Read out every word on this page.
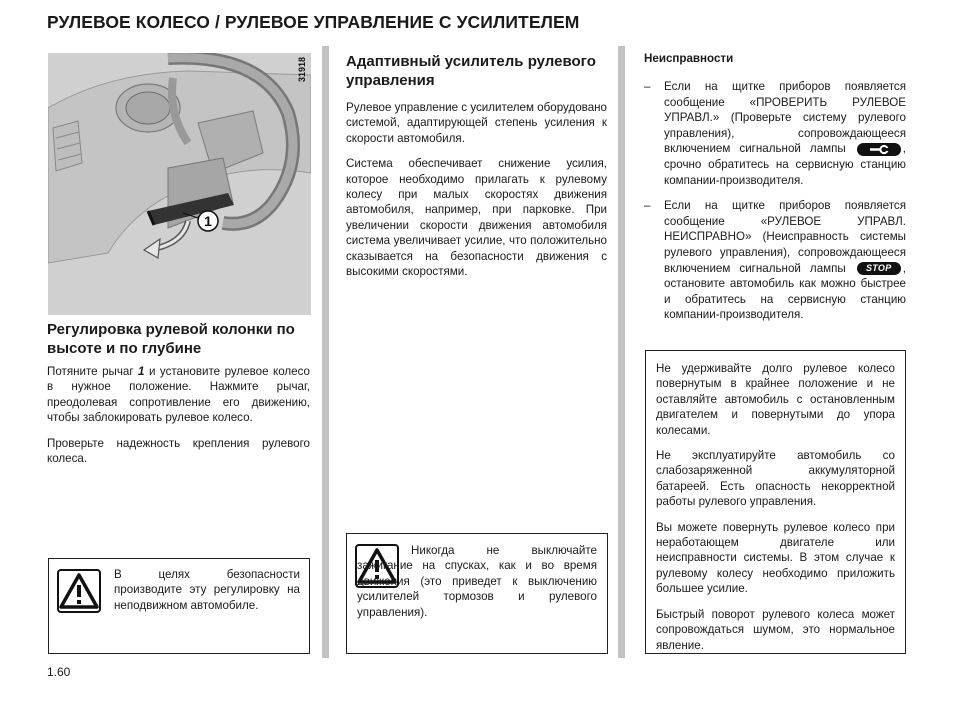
РУЛЕВОЕ КОЛЕСО / РУЛЕВОЕ УПРАВЛЕНИЕ С УСИЛИТЕЛЕМ
1
31918
Регулировка рулевой колонки по высоте и по глубине
Потяните рычаг 1 и установите рулевое колесо в нужное положение. Нажмите рычаг, преодолевая сопротивление его движению, чтобы заблокировать рулевое колесо.
Проверьте надежность крепления рулевого колеса.
В целях безопасности производите эту регулировку на неподвижном автомобиле.
Адаптивный усилитель рулевого управления
Рулевое управление с усилителем оборудовано системой, адаптирующей степень усиления к скорости автомобиля.
Система обеспечивает снижение усилия, которое необходимо прилагать к рулевому колесу при малых скоростях движения автомобиля, например, при парковке. При увеличении скорости движения автомобиля система увеличивает усилие, что положительно сказывается на безопасности движения с высокими скоростями.
Никогда не выключайте зажигание на спусках, как и во время движения (это приведет к выключению усилителей тормозов и рулевого управления).
Неисправности
–	Если на щитке приборов появляется сообщение «ПРОВЕРИТЬ РУЛЕВОЕ УПРАВЛ.» (Проверьте систему рулевого управления), сопровождающееся включением сигнальной лампы	, срочно обратитесь на сервисную станцию компании-производителя.
–	Если на щитке приборов появляется сообщение «РУЛЕВОЕ УПРАВЛ. НЕИСПРАВНО» (Неисправность системы рулевого управления), сопровождающееся включением сигнальной лампы STOP , остановите автомобиль как можно быстрее и обратитесь на сервисную станцию компании-производителя.
Не удерживайте долго рулевое колесо повернутым в крайнее положение и не оставляйте автомобиль с остановленным двигателем и повернутыми до упора колесами.
Не эксплуатируйте автомобиль со слабозаряженной аккумуляторной батареей. Есть опасность некорректной работы рулевого управления.
Вы можете повернуть рулевое колесо при неработающем двигателе или неисправности системы. В этом случае к рулевому колесу необходимо приложить большее усилие.
Быстрый поворот рулевого колеса может сопровождаться шумом, это нормальное явление.
1.60
